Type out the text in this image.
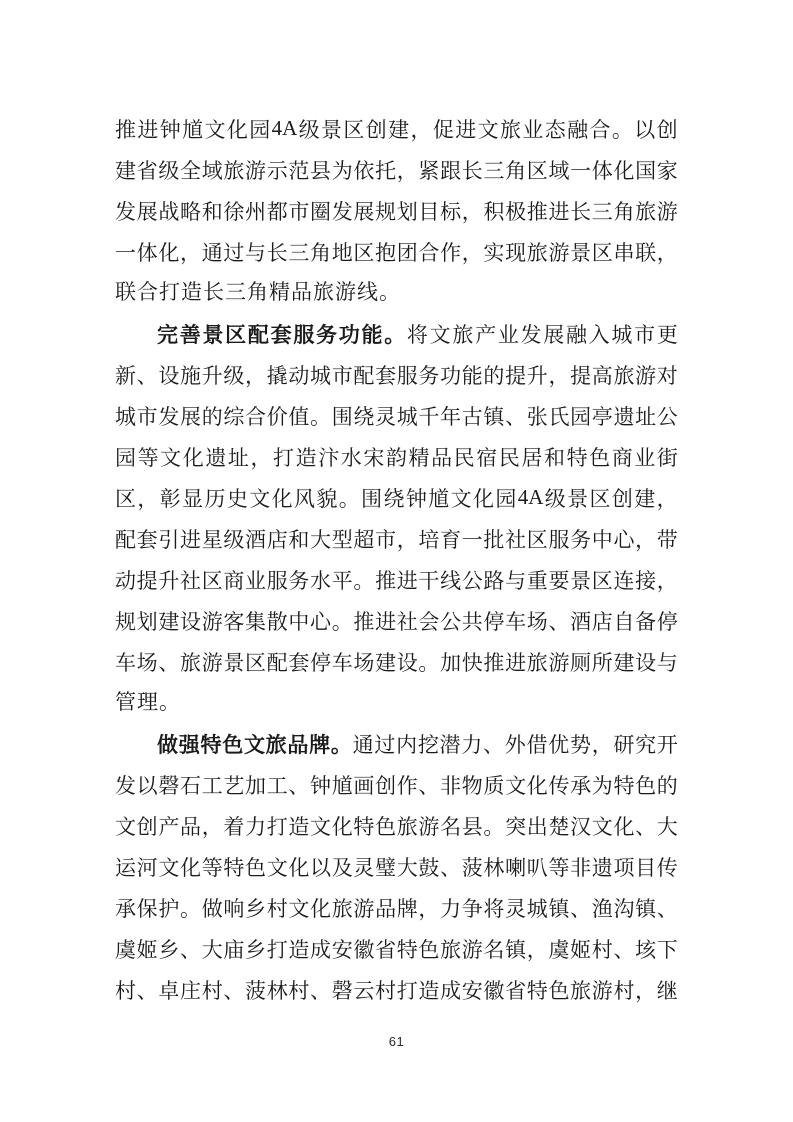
推 进 钟 馗 文 化 园 4A 级 景 区 创 建 ， 促 进 文 旅 业 态 融 合 。 以 创
建 省 级 全 域 旅 游 示 范 县 为 依 托 ， 紧 跟 长 三 角 区 域 一 体 化 国 家
发 展 战 略 和 徐 州 都 市 圈 发 展 规 划 目 标 ， 积 极 推 进 长 三 角 旅 游
一 体 化 ， 通 过 与 长 三 角 地 区 抱 团 合 作 ， 实 现 旅 游 景 区 串 联 ，
联合打造长三角精品旅游线。
完 善 景 区 配 套 服 务 功 能 。 将 文 旅 产 业 发 展 融 入 城 市 更
新 、 设 施 升 级 ， 撬 动 城 市 配 套 服 务 功 能 的 提 升 ， 提 高 旅 游 对
城 市 发 展 的 综 合 价 值 。 围 绕 灵 城 千 年 古 镇 、 张 氏 园 亭 遗 址 公
园 等 文 化 遗 址 ， 打 造 汴 水 宋 韵 精 品 民 宿 民 居 和 特 色 商 业 街
区 ， 彰 显 历 史 文 化 风 貌 。 围 绕 钟 馗 文 化 园 4A 级 景 区 创 建 ，
配 套 引 进 星 级 酒 店 和 大 型 超 市 ， 培 育 一 批 社 区 服 务 中 心 ， 带
动 提 升 社 区 商 业 服 务 水 平 。 推 进 干 线 公 路 与 重 要 景 区 连 接 ，
规 划 建 设 游 客 集 散 中 心 。 推 进 社 会 公 共 停 车 场 、 酒 店 自 备 停
车 场 、 旅 游 景 区 配 套 停 车 场 建 设 。 加 快 推 进 旅 游 厕 所 建 设 与
管理。
做 强 特 色 文 旅 品 牌 。 通 过 内 挖 潜 力 、 外 借 优 势 ， 研 究 开
发 以 磬 石 工 艺 加 工 、 钟 馗 画 创 作 、 非 物 质 文 化 传 承 为 特 色 的
文 创 产 品 ， 着 力 打 造 文 化 特 色 旅 游 名 县 。 突 出 楚 汉 文 化 、 大
运 河 文 化 等 特 色 文 化 以 及 灵 璧 大 鼓 、 菠 林 喇 叭 等 非 遗 项 目 传
承 保 护 。 做 响 乡 村 文 化 旅 游 品 牌 ， 力 争 将 灵 城 镇 、 渔 沟 镇 、
虞 姬 乡 、 大 庙 乡 打 造 成 安 徽 省 特 色 旅 游 名 镇 ， 虞 姬 村 、 垓 下
村 、 卓 庄 村 、 菠 林 村 、 磬 云 村 打 造 成 安 徽 省 特 色 旅 游 村 ， 继
61
